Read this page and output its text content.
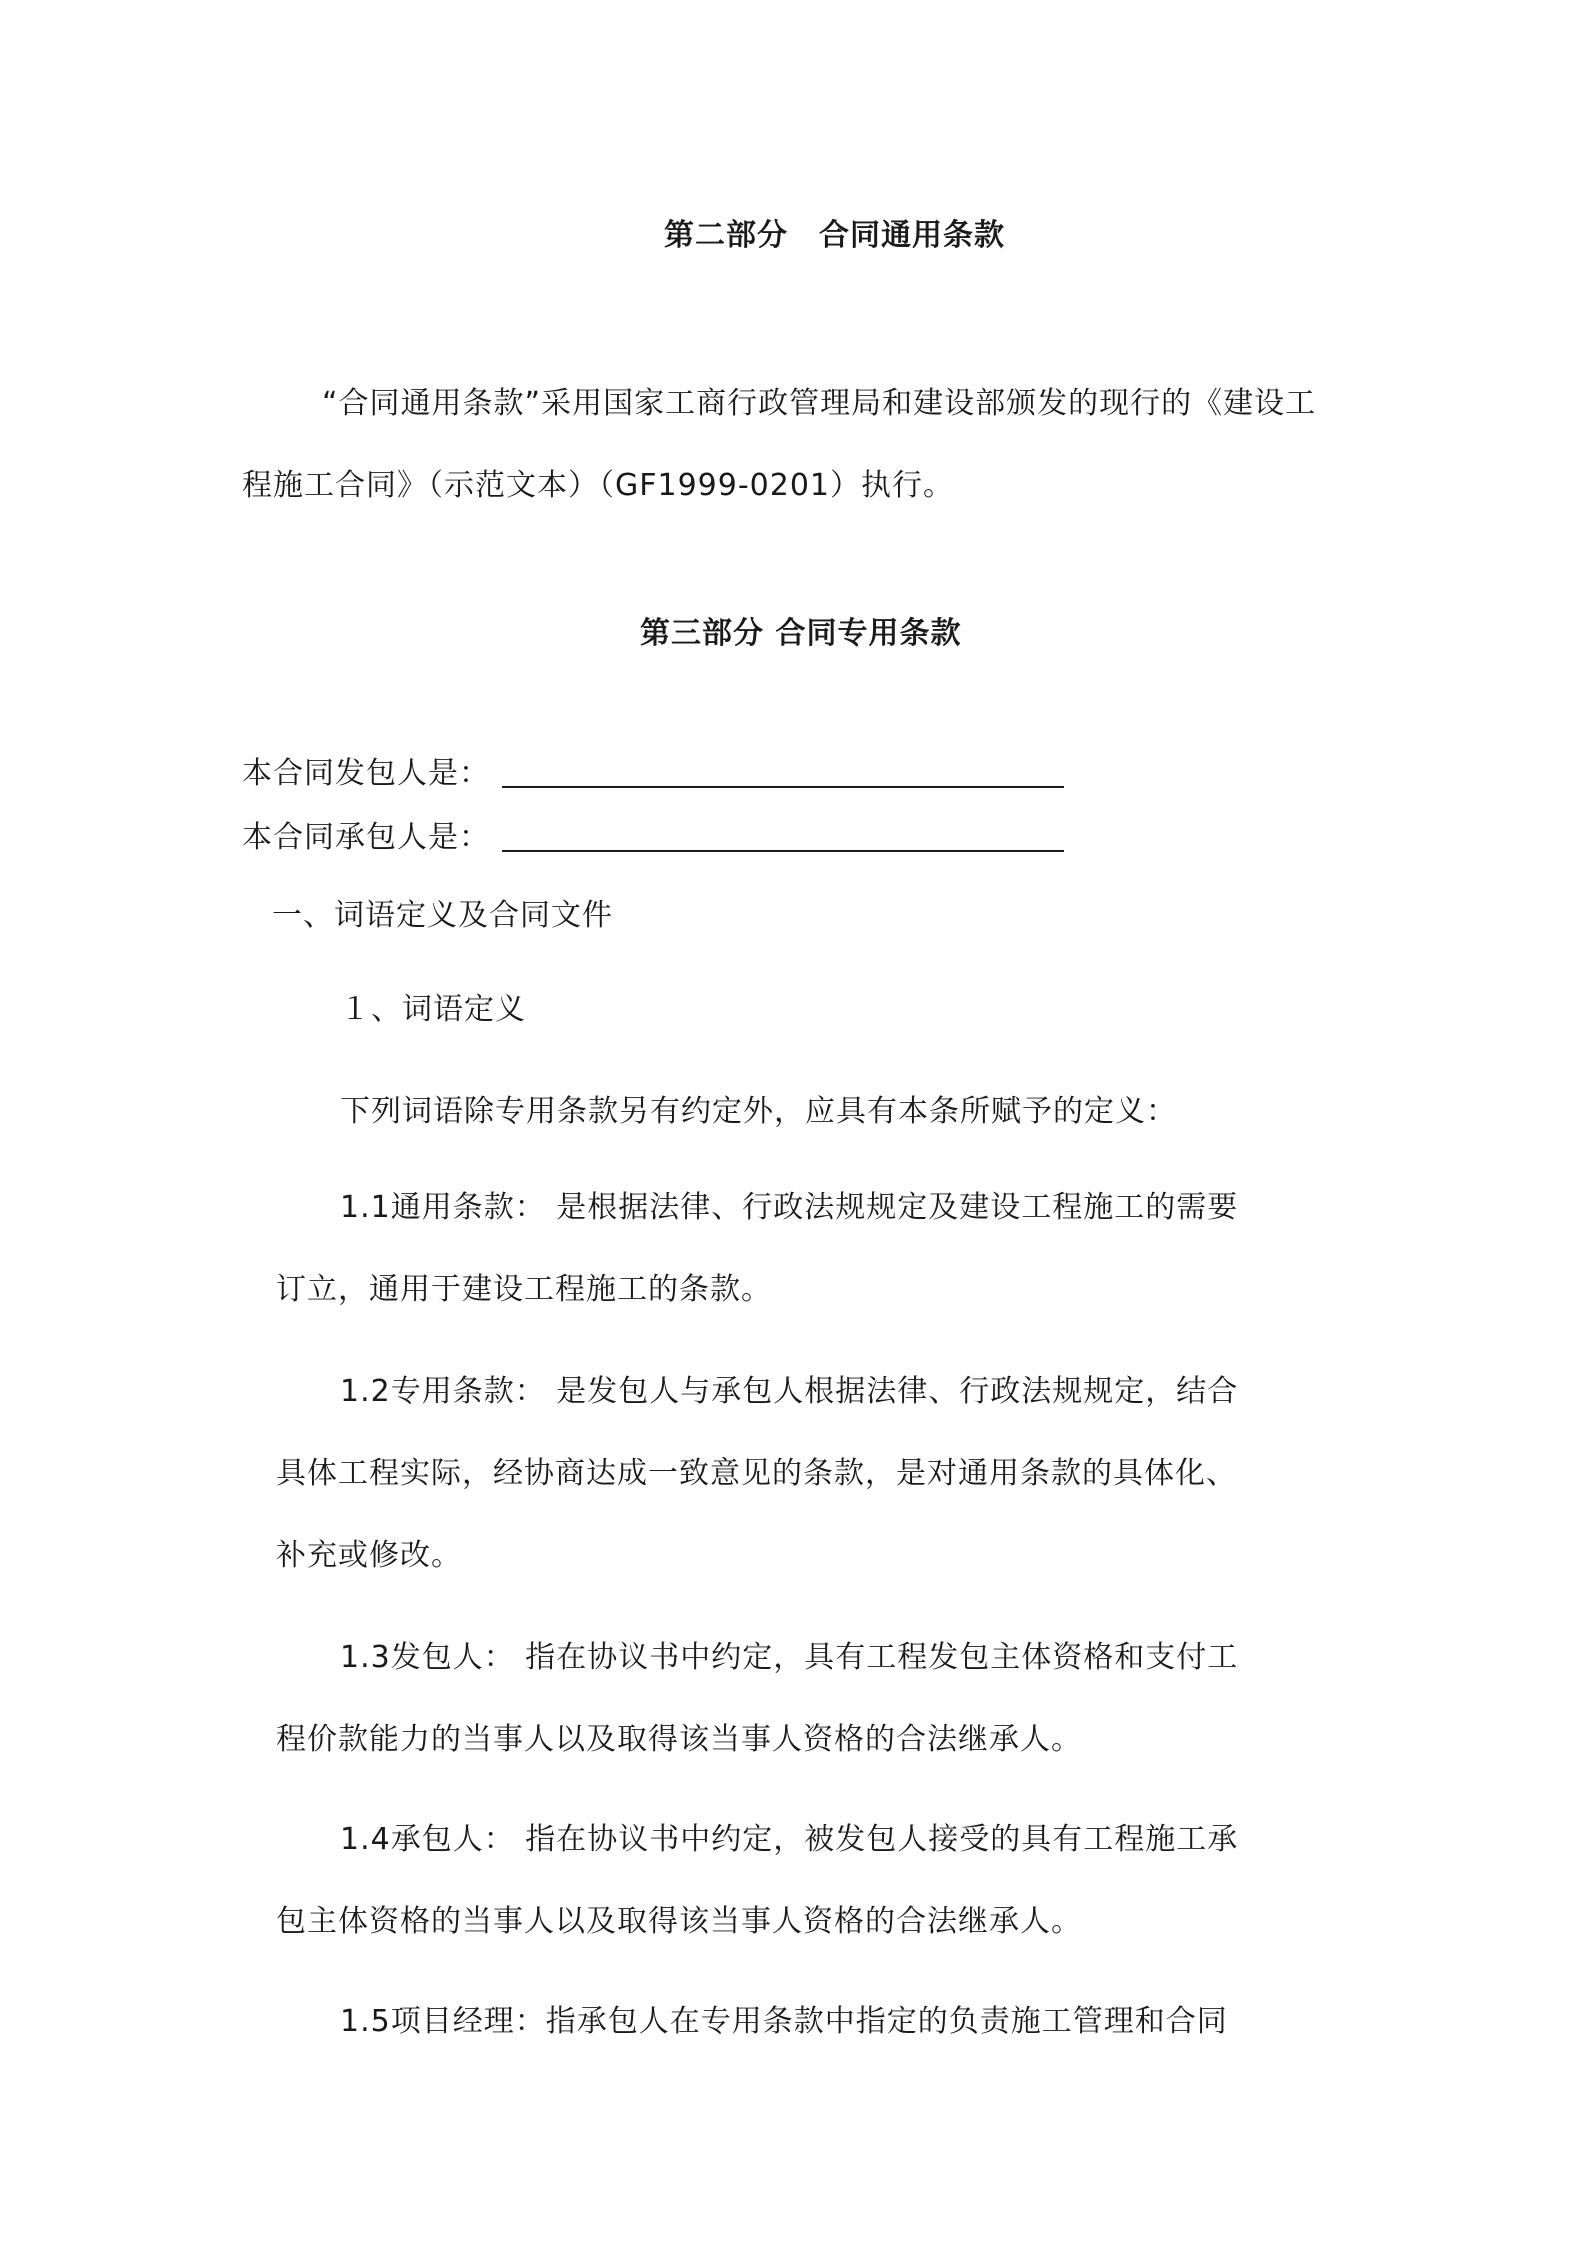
第二部分　合同通用条款
“合同通用条款”采用国家工商行政管理局和建设部颁发的现行的《建设工
程施工合同》（示范文本）（GF1999-0201）执行。
第三部分 合同专用条款
本合同发包人是：
本合同承包人是：
一、词语定义及合同文件
１、词语定义
下列词语除专用条款另有约定外，应具有本条所赋予的定义：
1.1通用条款： 是根据法律、行政法规规定及建设工程施工的需要
订立，通用于建设工程施工的条款。
1.2专用条款： 是发包人与承包人根据法律、行政法规规定，结合
具体工程实际，经协商达成一致意见的条款，是对通用条款的具体化、
补充或修改。
1.3发包人： 指在协议书中约定，具有工程发包主体资格和支付工
程价款能力的当事人以及取得该当事人资格的合法继承人。
1.4承包人： 指在协议书中约定，被发包人接受的具有工程施工承
包主体资格的当事人以及取得该当事人资格的合法继承人。
1.5项目经理：指承包人在专用条款中指定的负责施工管理和合同
